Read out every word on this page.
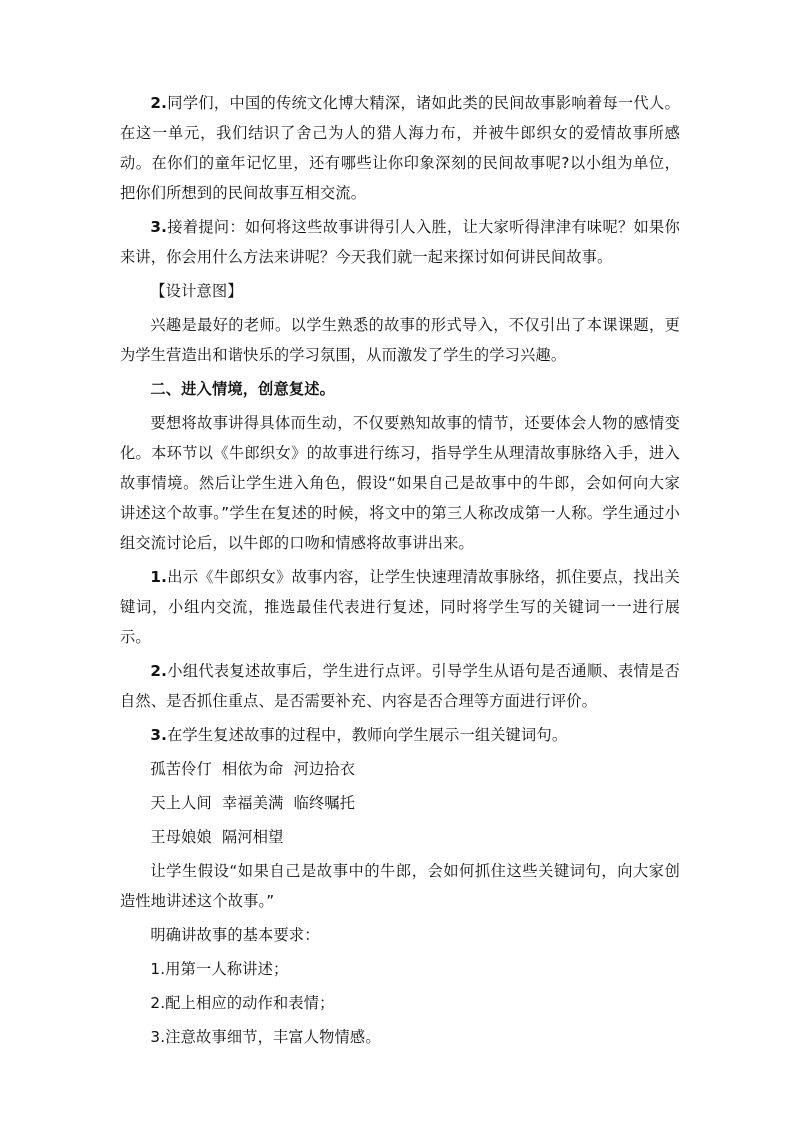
2.同学们，中国的传统文化博大精深，诸如此类的民间故事影响着每一代人。在这一单元，我们结识了舍己为人的猎人海力布，并被牛郎织女的爱情故事所感动。在你们的童年记忆里，还有哪些让你印象深刻的民间故事呢?以小组为单位，把你们所想到的民间故事互相交流。

3.接着提问：如何将这些故事讲得引人入胜，让大家听得津津有味呢？如果你来讲，你会用什么方法来讲呢？今天我们就一起来探讨如何讲民间故事。

【设计意图】

兴趣是最好的老师。以学生熟悉的故事的形式导入，不仅引出了本课课题，更为学生营造出和谐快乐的学习氛围，从而激发了学生的学习兴趣。

二、进入情境，创意复述。

要想将故事讲得具体而生动，不仅要熟知故事的情节，还要体会人物的感情变化。本环节以《牛郎织女》的故事进行练习，指导学生从理清故事脉络入手，进入故事情境。然后让学生进入角色，假设“如果自己是故事中的牛郎，会如何向大家讲述这个故事。”学生在复述的时候，将文中的第三人称改成第一人称。学生通过小组交流讨论后，以牛郎的口吻和情感将故事讲出来。

1.出示《牛郎织女》故事内容，让学生快速理清故事脉络，抓住要点，找出关键词，小组内交流，推选最佳代表进行复述，同时将学生写的关键词一一进行展示。

2.小组代表复述故事后，学生进行点评。引导学生从语句是否通顺、表情是否自然、是否抓住重点、是否需要补充、内容是否合理等方面进行评价。

3.在学生复述故事的过程中，教师向学生展示一组关键词句。

孤苦伶仃  相依为命  河边拾衣

天上人间  幸福美满  临终嘱托

王母娘娘  隔河相望

让学生假设“如果自己是故事中的牛郎，会如何抓住这些关键词句，向大家创造性地讲述这个故事。”

明确讲故事的基本要求：

1.用第一人称讲述；

2.配上相应的动作和表情；

3.注意故事细节，丰富人物情感。
